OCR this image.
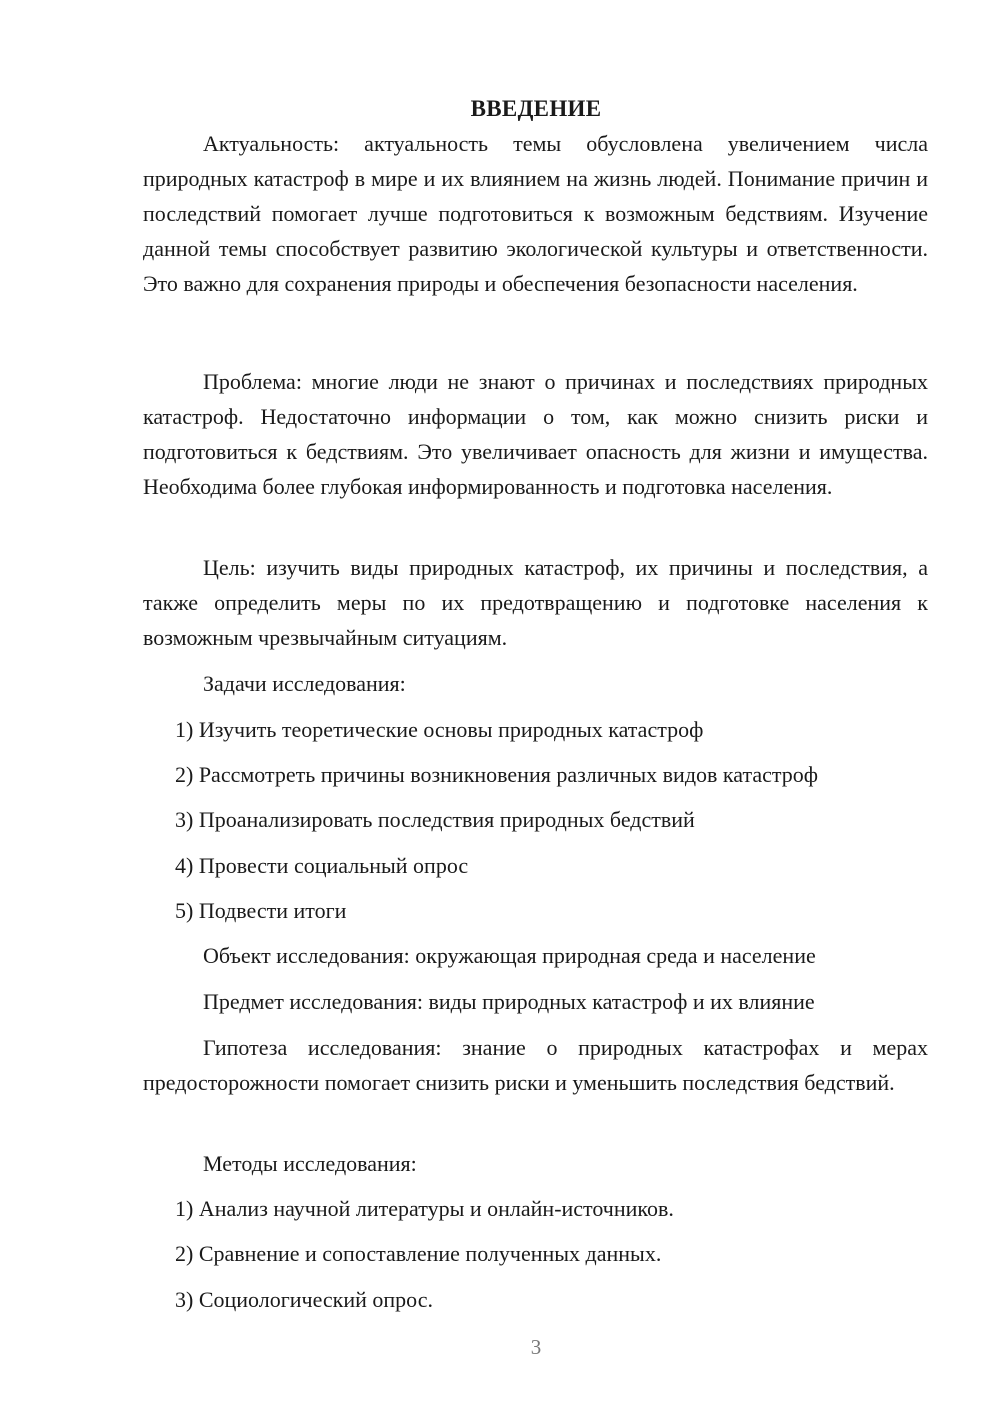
ВВЕДЕНИЕ

Актуальность: актуальность темы обусловлена увеличением числа природных катастроф в мире и их влиянием на жизнь людей. Понимание причин и последствий помогает лучше подготовиться к возможным бедствиям. Изучение данной темы способствует развитию экологической культуры и ответственности. Это важно для сохранения природы и обеспечения безопасности населения.

Проблема: многие люди не знают о причинах и последствиях природных катастроф. Недостаточно информации о том, как можно снизить риски и подготовиться к бедствиям. Это увеличивает опасность для жизни и имущества. Необходима более глубокая информированность и подготовка населения.

Цель: изучить виды природных катастроф, их причины и последствия, а также определить меры по их предотвращению и подготовке населения к возможным чрезвычайным ситуациям.

Задачи исследования:
1) Изучить теоретические основы природных катастроф
2) Рассмотреть причины возникновения различных видов катастроф
3) Проанализировать последствия природных бедствий
4) Провести социальный опрос
5) Подвести итоги
Объект исследования: окружающая природная среда и население
Предмет исследования: виды природных катастроф и их влияние

Гипотеза исследования: знание о природных катастрофах и мерах предосторожности помогает снизить риски и уменьшить последствия бедствий.

Методы исследования:
1) Анализ научной литературы и онлайн-источников.
2) Сравнение и сопоставление полученных данных.
3) Социологический опрос.
3
